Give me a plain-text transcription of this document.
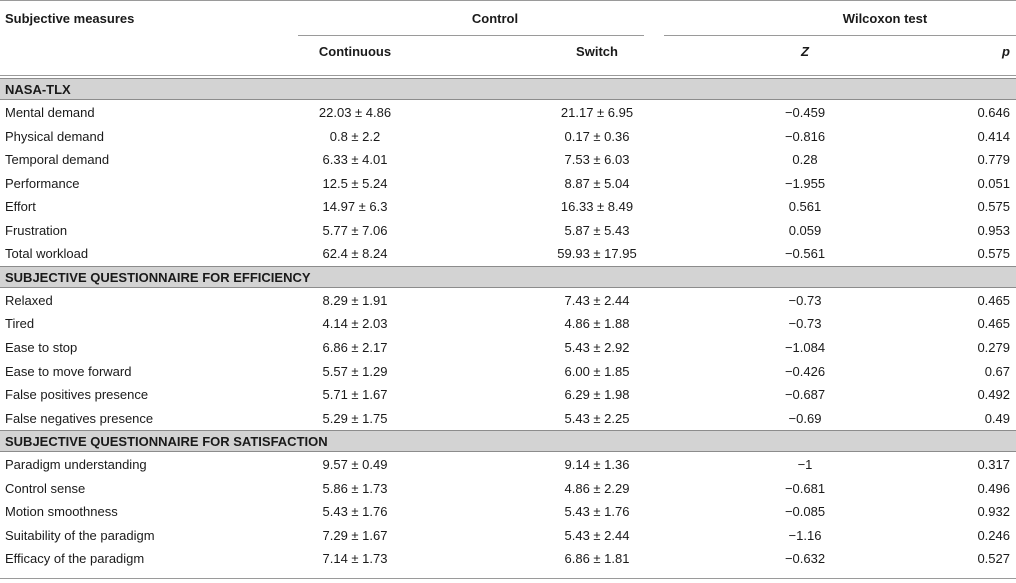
Subjective measures	Control	Wilcoxon test
Continuous	Switch	Z	p
NASA-TLX
Mental demand	22.03 ± 4.86	21.17 ± 6.95	−0.459	0.646
Physical demand	0.8 ± 2.2	0.17 ± 0.36	−0.816	0.414
Temporal demand	6.33 ± 4.01	7.53 ± 6.03	0.28	0.779
Performance	12.5 ± 5.24	8.87 ± 5.04	−1.955	0.051
Effort	14.97 ± 6.3	16.33 ± 8.49	0.561	0.575
Frustration	5.77 ± 7.06	5.87 ± 5.43	0.059	0.953
Total workload	62.4 ± 8.24	59.93 ± 17.95	−0.561	0.575
SUBJECTIVE QUESTIONNAIRE FOR EFFICIENCY
Relaxed	8.29 ± 1.91	7.43 ± 2.44	−0.73	0.465
Tired	4.14 ± 2.03	4.86 ± 1.88	−0.73	0.465
Ease to stop	6.86 ± 2.17	5.43 ± 2.92	−1.084	0.279
Ease to move forward	5.57 ± 1.29	6.00 ± 1.85	−0.426	0.67
False positives presence	5.71 ± 1.67	6.29 ± 1.98	−0.687	0.492
False negatives presence	5.29 ± 1.75	5.43 ± 2.25	−0.69	0.49
SUBJECTIVE QUESTIONNAIRE FOR SATISFACTION
Paradigm understanding	9.57 ± 0.49	9.14 ± 1.36	−1	0.317
Control sense	5.86 ± 1.73	4.86 ± 2.29	−0.681	0.496
Motion smoothness	5.43 ± 1.76	5.43 ± 1.76	−0.085	0.932
Suitability of the paradigm	7.29 ± 1.67	5.43 ± 2.44	−1.16	0.246
Efficacy of the paradigm	7.14 ± 1.73	6.86 ± 1.81	−0.632	0.527
